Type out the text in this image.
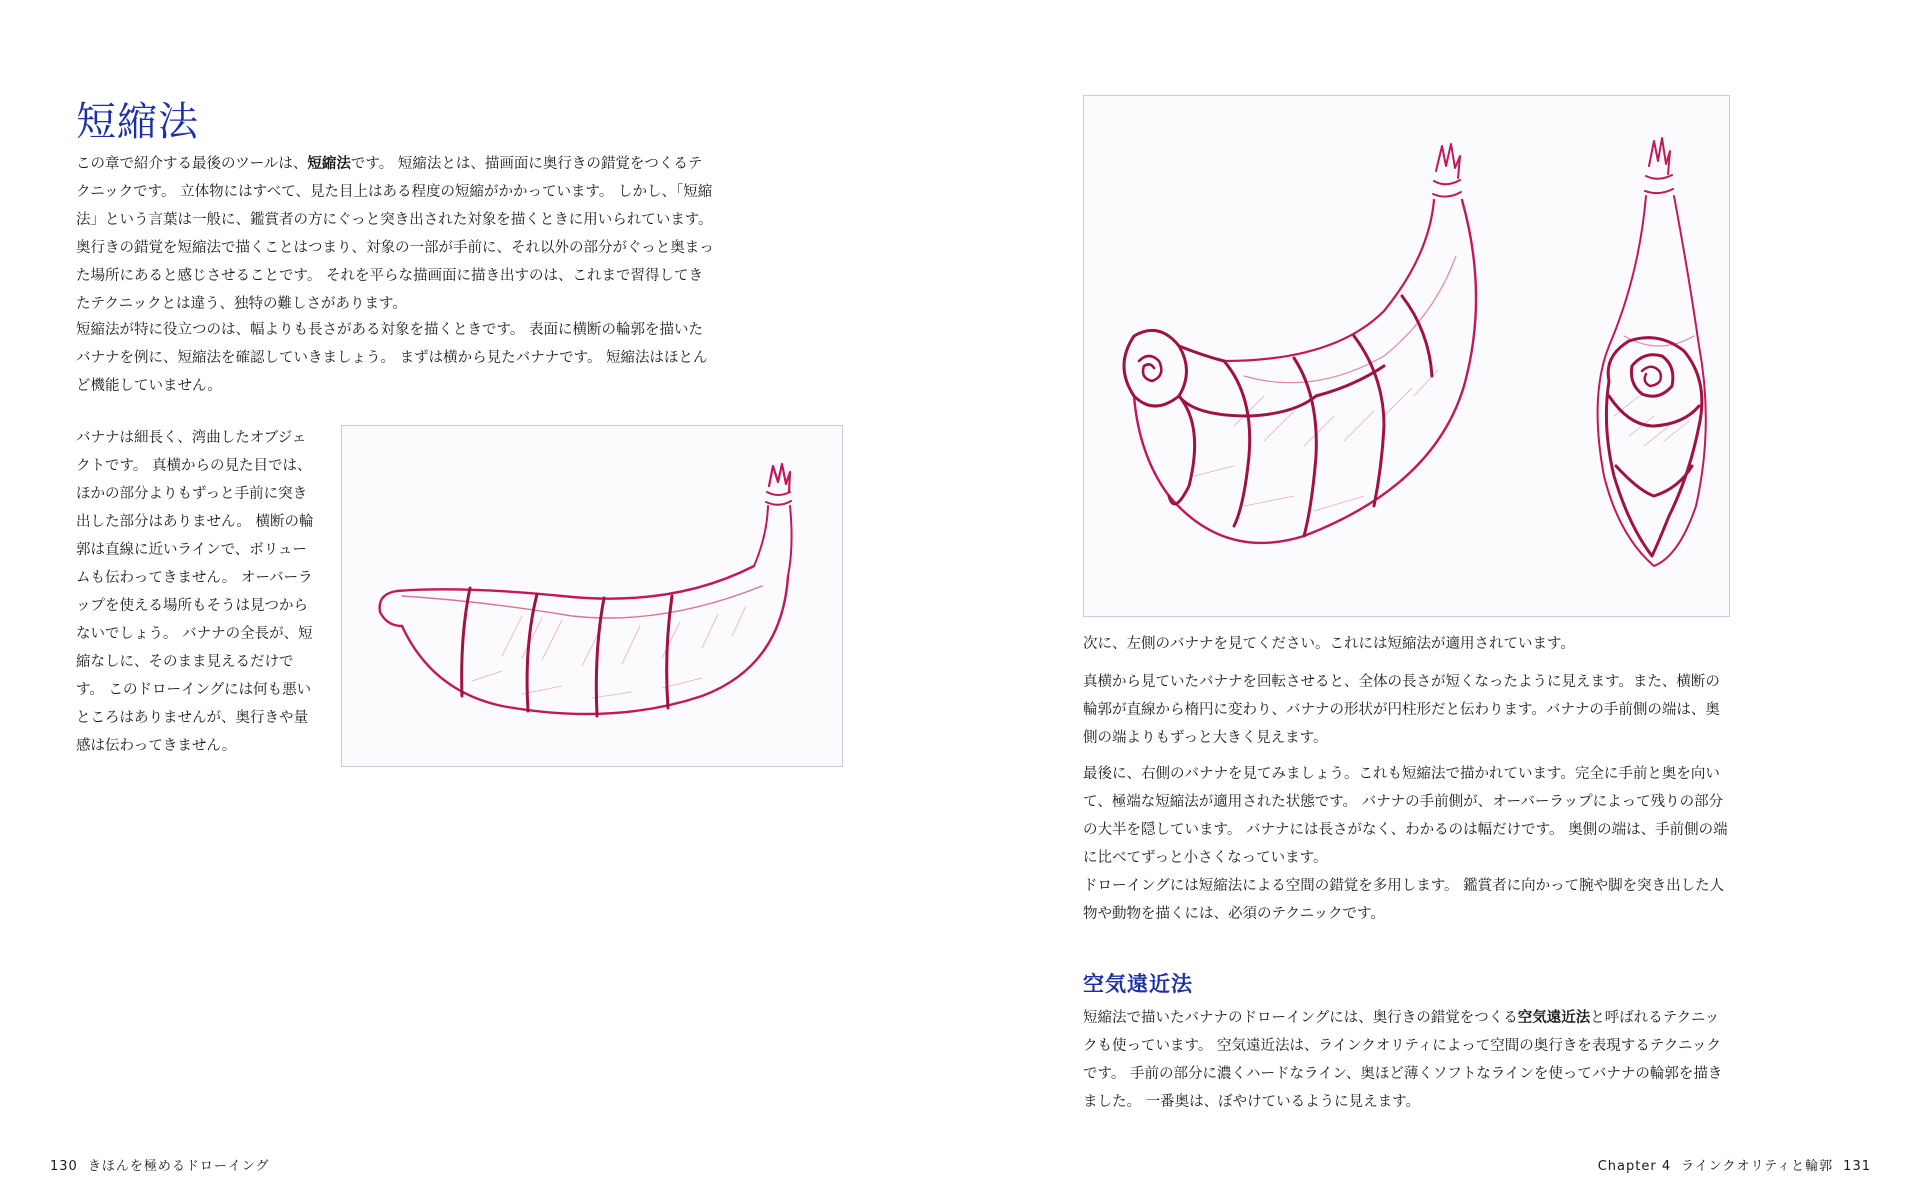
短縮法

この章で紹介する最後のツールは、短縮法です。 短縮法とは、描画面に奥行きの錯覚をつくるテクニックです。 立体物にはすべて、見た目上はある程度の短縮がかかっています。 しかし、「短縮法」という言葉は一般に、鑑賞者の方にぐっと突き出された対象を描くときに用いられています。奥行きの錯覚を短縮法で描くことはつまり、対象の一部が手前に、それ以外の部分がぐっと奥まった場所にあると感じさせることです。 それを平らな描画面に描き出すのは、これまで習得してきたテクニックとは違う、独特の難しさがあります。

短縮法が特に役立つのは、幅よりも長さがある対象を描くときです。 表面に横断の輪郭を描いたバナナを例に、短縮法を確認していきましょう。 まずは横から見たバナナです。 短縮法はほとんど機能していません。

バナナは細長く、湾曲したオブジェクトです。 真横からの見た目では、ほかの部分よりもずっと手前に突き出した部分はありません。 横断の輪郭は直線に近いラインで、ボリュームも伝わってきません。 オーバーラップを使える場所もそうは見つからないでしょう。 バナナの全長が、短縮なしに、そのまま見えるだけです。 このドローイングには何も悪いところはありませんが、奥行きや量感は伝わってきません。

次に、左側のバナナを見てください。これには短縮法が適用されています。

真横から見ていたバナナを回転させると、全体の長さが短くなったように見えます。また、横断の輪郭が直線から楕円に変わり、バナナの形状が円柱形だと伝わります。バナナの手前側の端は、奥側の端よりもずっと大きく見えます。

最後に、右側のバナナを見てみましょう。これも短縮法で描かれています。完全に手前と奥を向いて、極端な短縮法が適用された状態です。 バナナの手前側が、オーバーラップによって残りの部分の大半を隠しています。 バナナには長さがなく、わかるのは幅だけです。 奥側の端は、手前側の端に比べてずっと小さくなっています。

ドローイングには短縮法による空間の錯覚を多用します。 鑑賞者に向かって腕や脚を突き出した人物や動物を描くには、必須のテクニックです。

空気遠近法

短縮法で描いたバナナのドローイングには、奥行きの錯覚をつくる空気遠近法と呼ばれるテクニックも使っています。 空気遠近法は、ラインクオリティによって空間の奥行きを表現するテクニックです。 手前の部分に濃くハードなライン、奥ほど薄くソフトなラインを使ってバナナの輪郭を描きました。 一番奥は、ぼやけているように見えます。

130 きほんを極めるドローイング	Chapter 4 ラインクオリティと輪郭 131
